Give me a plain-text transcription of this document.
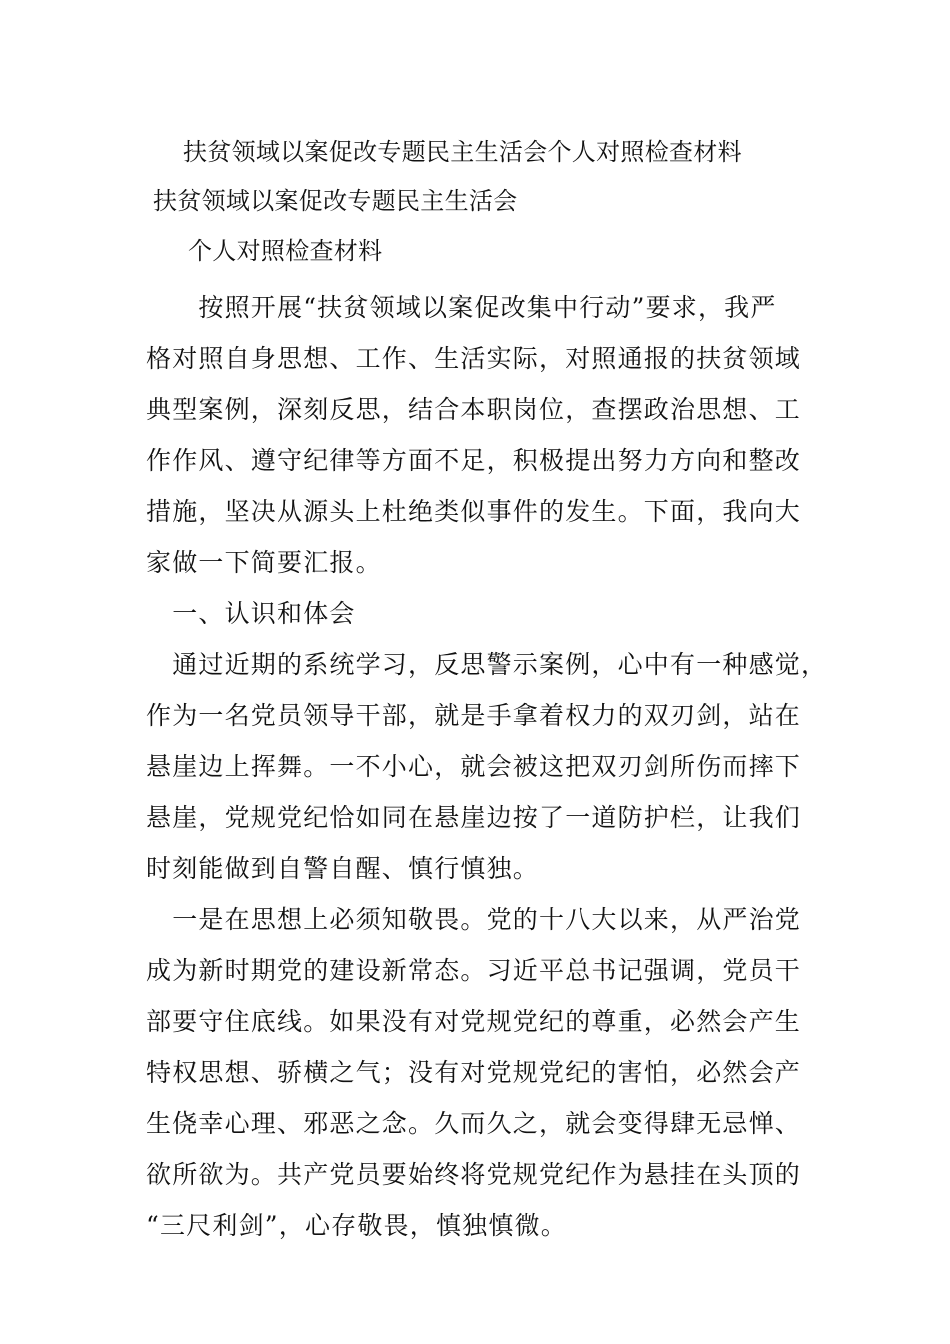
扶贫领域以案促改专题民主生活会个人对照检查材料
扶贫领域以案促改专题民主生活会
个人对照检查材料
　　按照开展“扶贫领域以案促改集中行动”要求，我严
格对照自身思想、工作、生活实际，对照通报的扶贫领域
典型案例，深刻反思，结合本职岗位，查摆政治思想、工
作作风、遵守纪律等方面不足，积极提出努力方向和整改
措施，坚决从源头上杜绝类似事件的发生。下面，我向大
家做一下简要汇报。
　一、认识和体会
　通过近期的系统学习，反思警示案例，心中有一种感觉，
作为一名党员领导干部，就是手拿着权力的双刃剑，站在
悬崖边上挥舞。一不小心，就会被这把双刃剑所伤而摔下
悬崖，党规党纪恰如同在悬崖边按了一道防护栏，让我们
时刻能做到自警自醒、慎行慎独。
　一是在思想上必须知敬畏。党的十八大以来，从严治党
成为新时期党的建设新常态。习近平总书记强调，党员干
部要守住底线。如果没有对党规党纪的尊重，必然会产生
特权思想、骄横之气；没有对党规党纪的害怕，必然会产
生侥幸心理、邪恶之念。久而久之，就会变得肆无忌惮、
欲所欲为。共产党员要始终将党规党纪作为悬挂在头顶的
“三尺利剑”，心存敬畏，慎独慎微。
